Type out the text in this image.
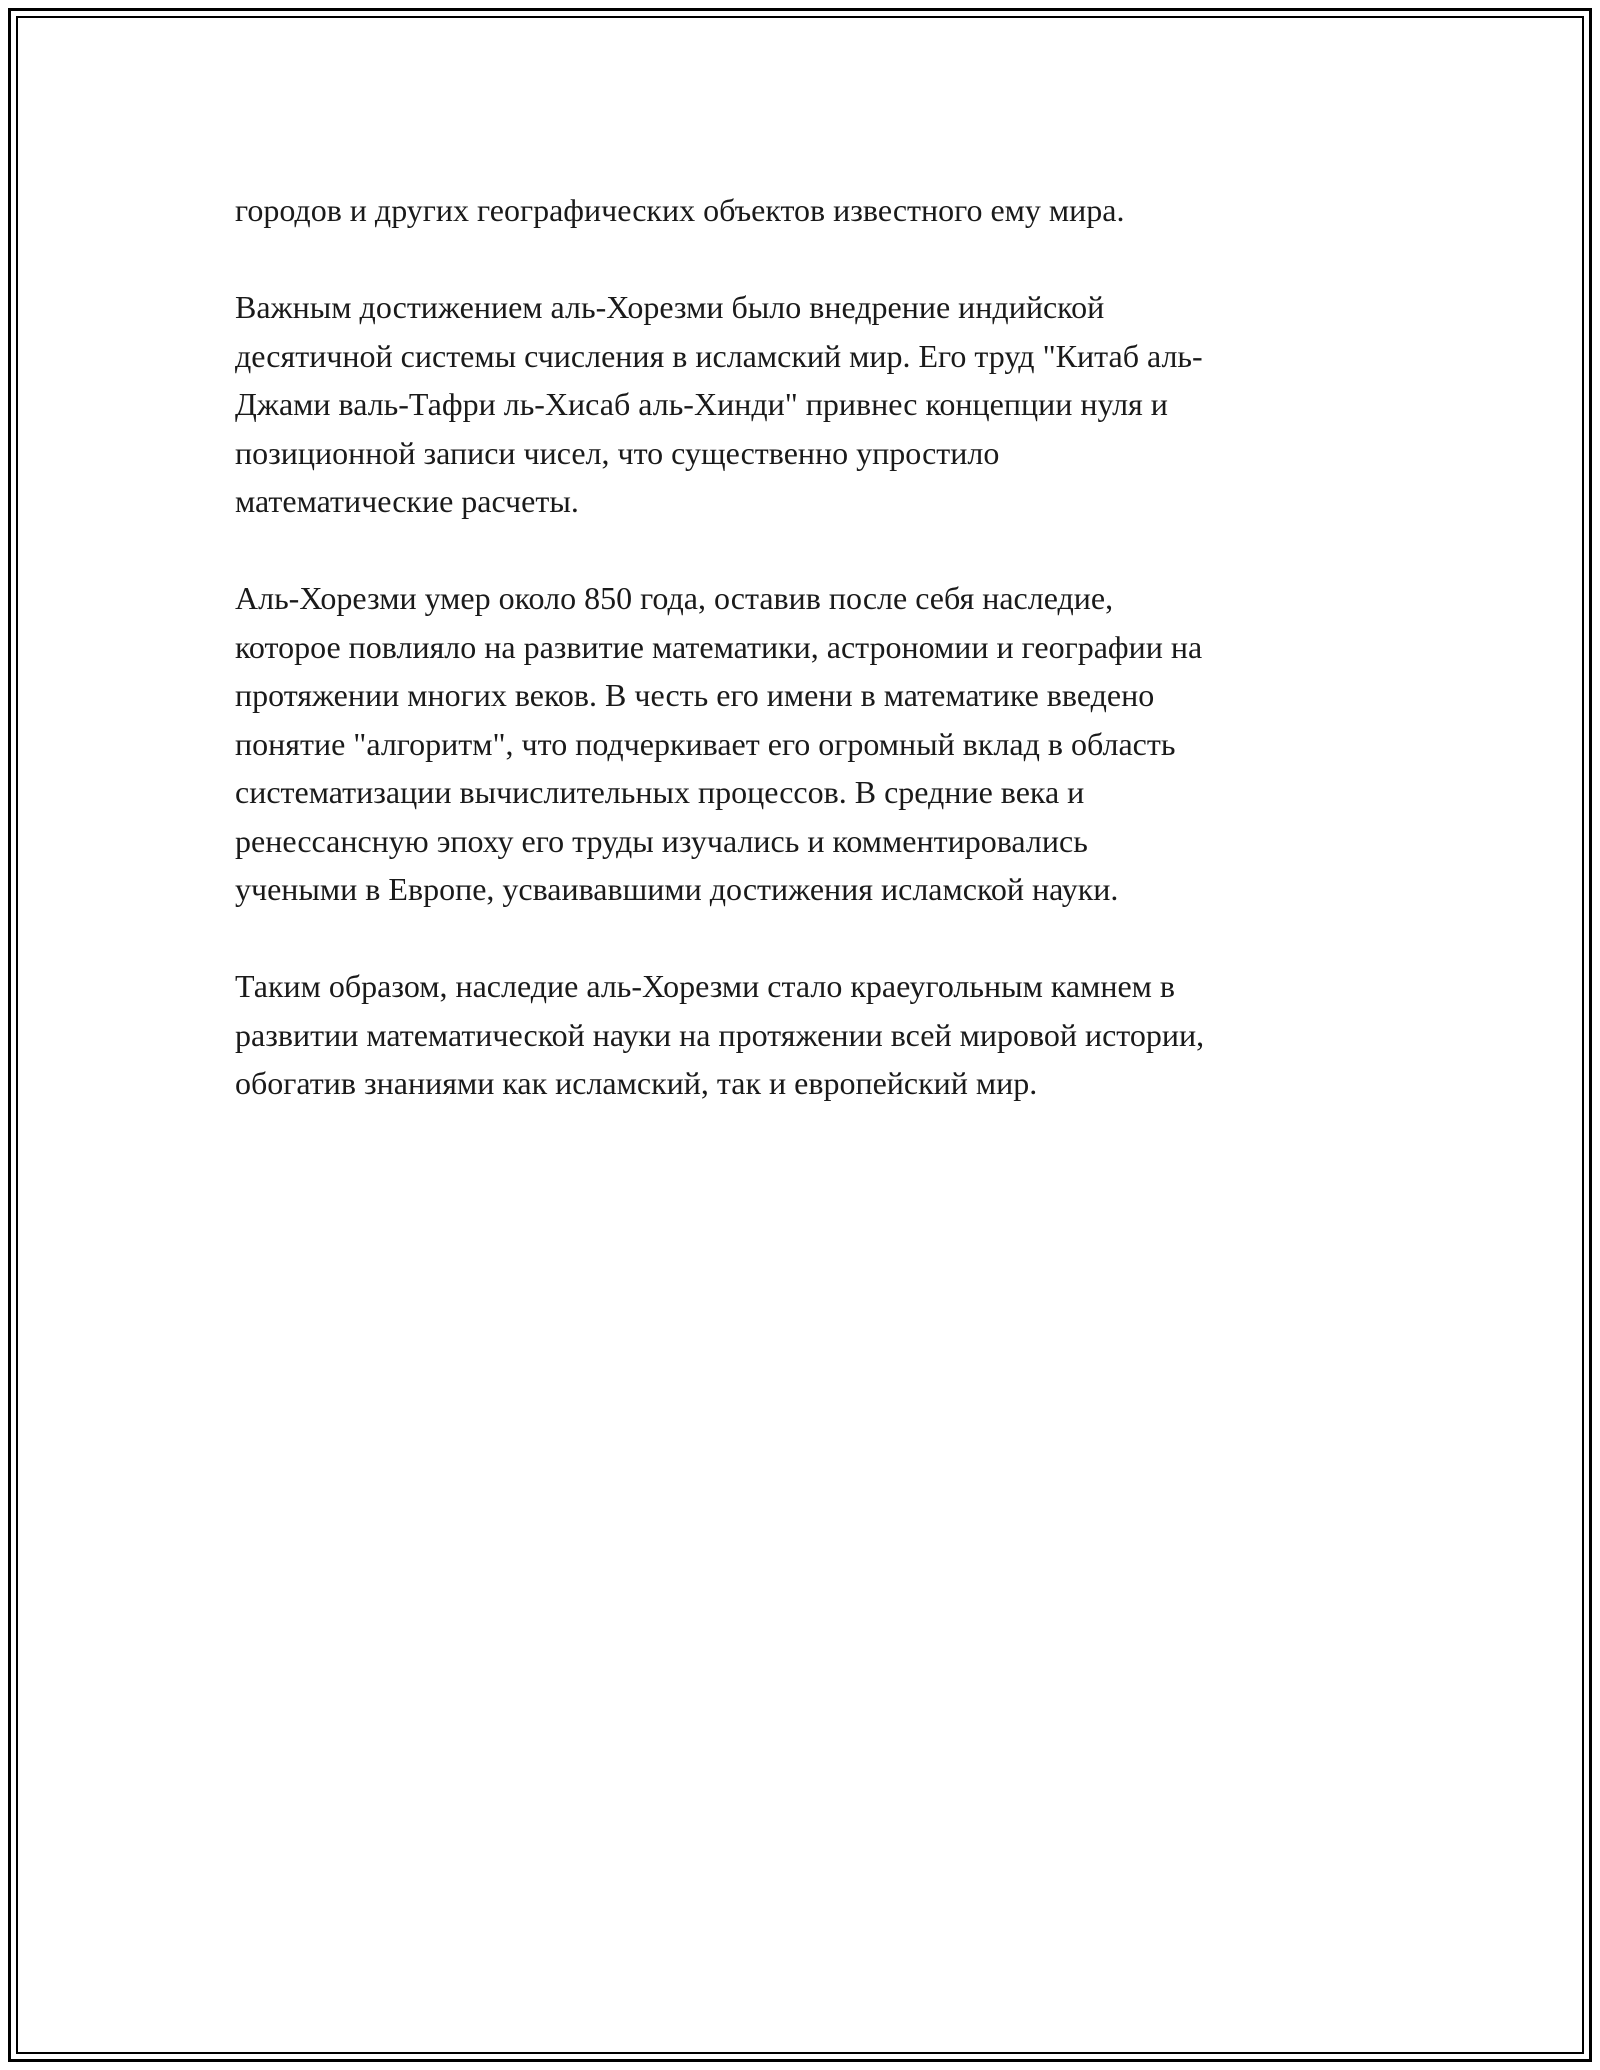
городов и других географических объектов известного ему мира.

Важным достижением аль-Хорезми было внедрение индийской
десятичной системы счисления в исламский мир. Его труд "Китаб аль-
Джами валь-Тафри ль-Хисаб аль-Хинди" привнес концепции нуля и
позиционной записи чисел, что существенно упростило
математические расчеты.

Аль-Хорезми умер около 850 года, оставив после себя наследие,
которое повлияло на развитие математики, астрономии и географии на
протяжении многих веков. В честь его имени в математике введено
понятие "алгоритм", что подчеркивает его огромный вклад в область
систематизации вычислительных процессов. В средние века и
ренессансную эпоху его труды изучались и комментировались
учеными в Европе, усваивавшими достижения исламской науки.

Таким образом, наследие аль-Хорезми стало краеугольным камнем в
развитии математической науки на протяжении всей мировой истории,
обогатив знаниями как исламский, так и европейский мир.
